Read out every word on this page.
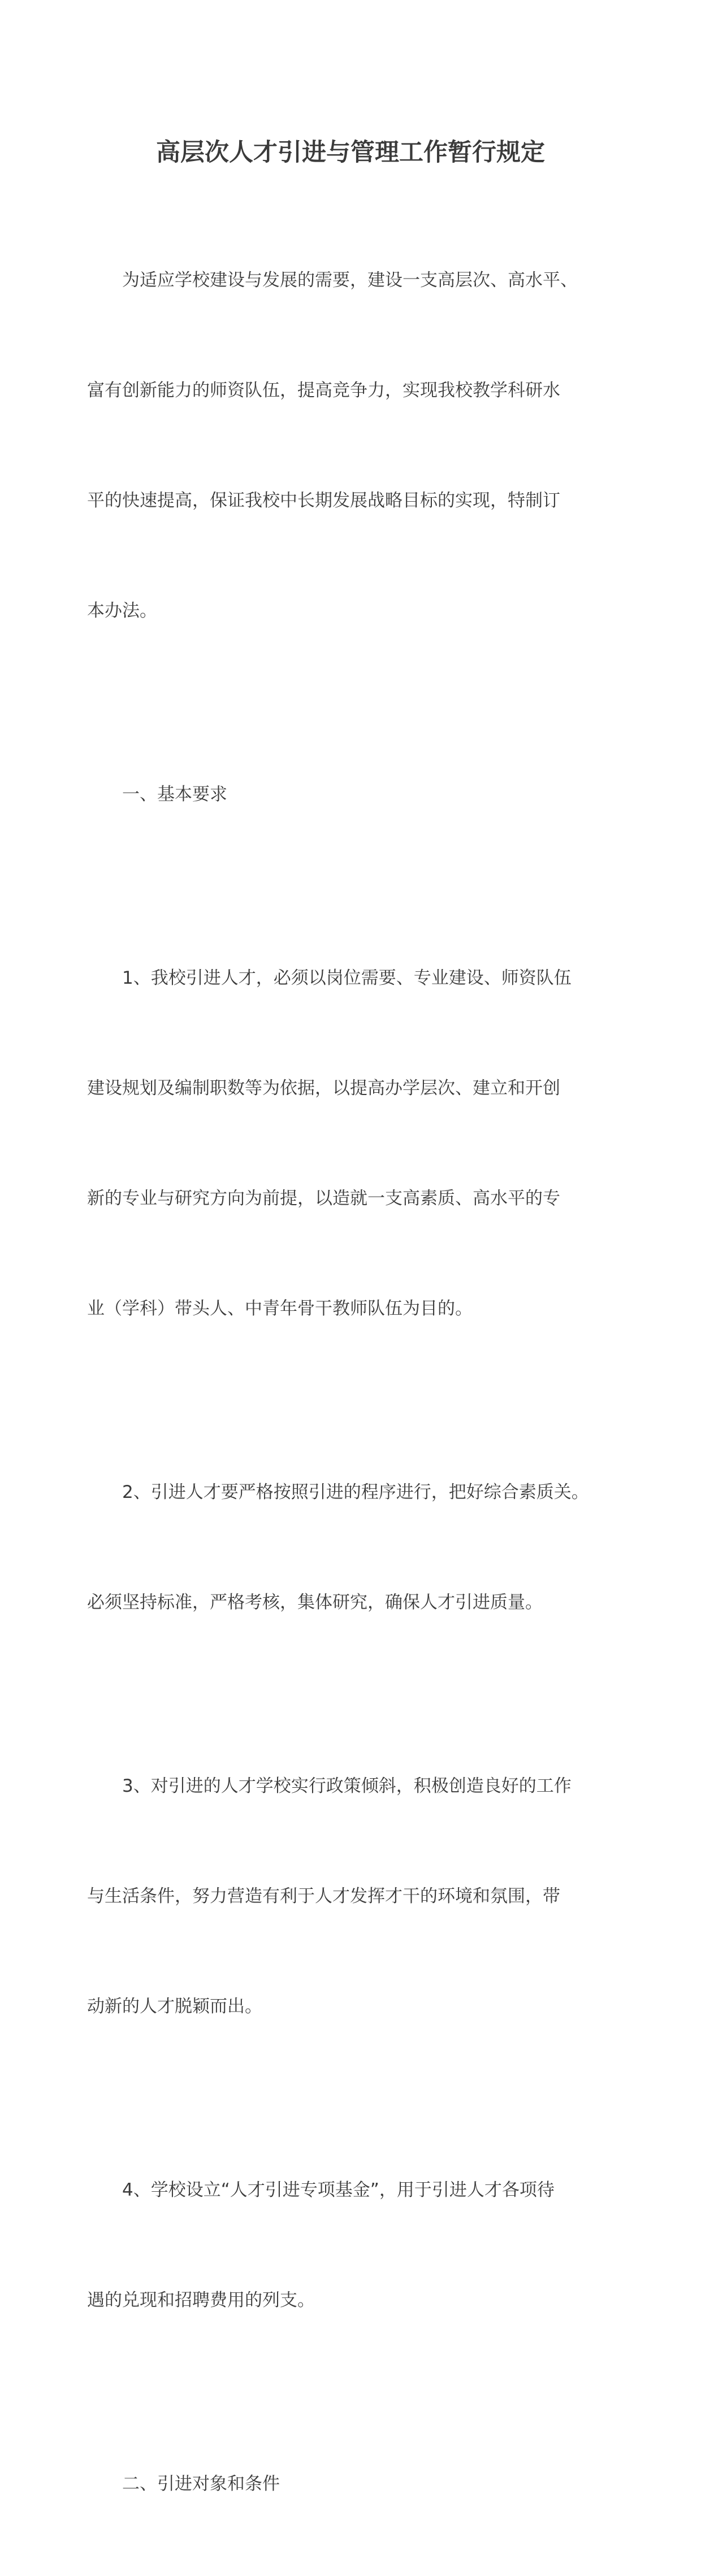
高层次人才引进与管理工作暂行规定

为适应学校建设与发展的需要，建设一支高层次、高水平、

富有创新能力的师资队伍，提高竞争力，实现我校教学科研水

平的快速提高，保证我校中长期发展战略目标的实现，特制订

本办法。

一、基本要求

1、我校引进人才，必须以岗位需要、专业建设、师资队伍

建设规划及编制职数等为依据，以提高办学层次、建立和开创

新的专业与研究方向为前提，以造就一支高素质、高水平的专

业（学科）带头人、中青年骨干教师队伍为目的。

2、引进人才要严格按照引进的程序进行，把好综合素质关。

必须坚持标准，严格考核，集体研究，确保人才引进质量。

3、对引进的人才学校实行政策倾斜，积极创造良好的工作

与生活条件，努力营造有利于人才发挥才干的环境和氛围，带

动新的人才脱颖而出。

4、学校设立“人才引进专项基金”，用于引进人才各项待

遇的兑现和招聘费用的列支。

二、引进对象和条件
